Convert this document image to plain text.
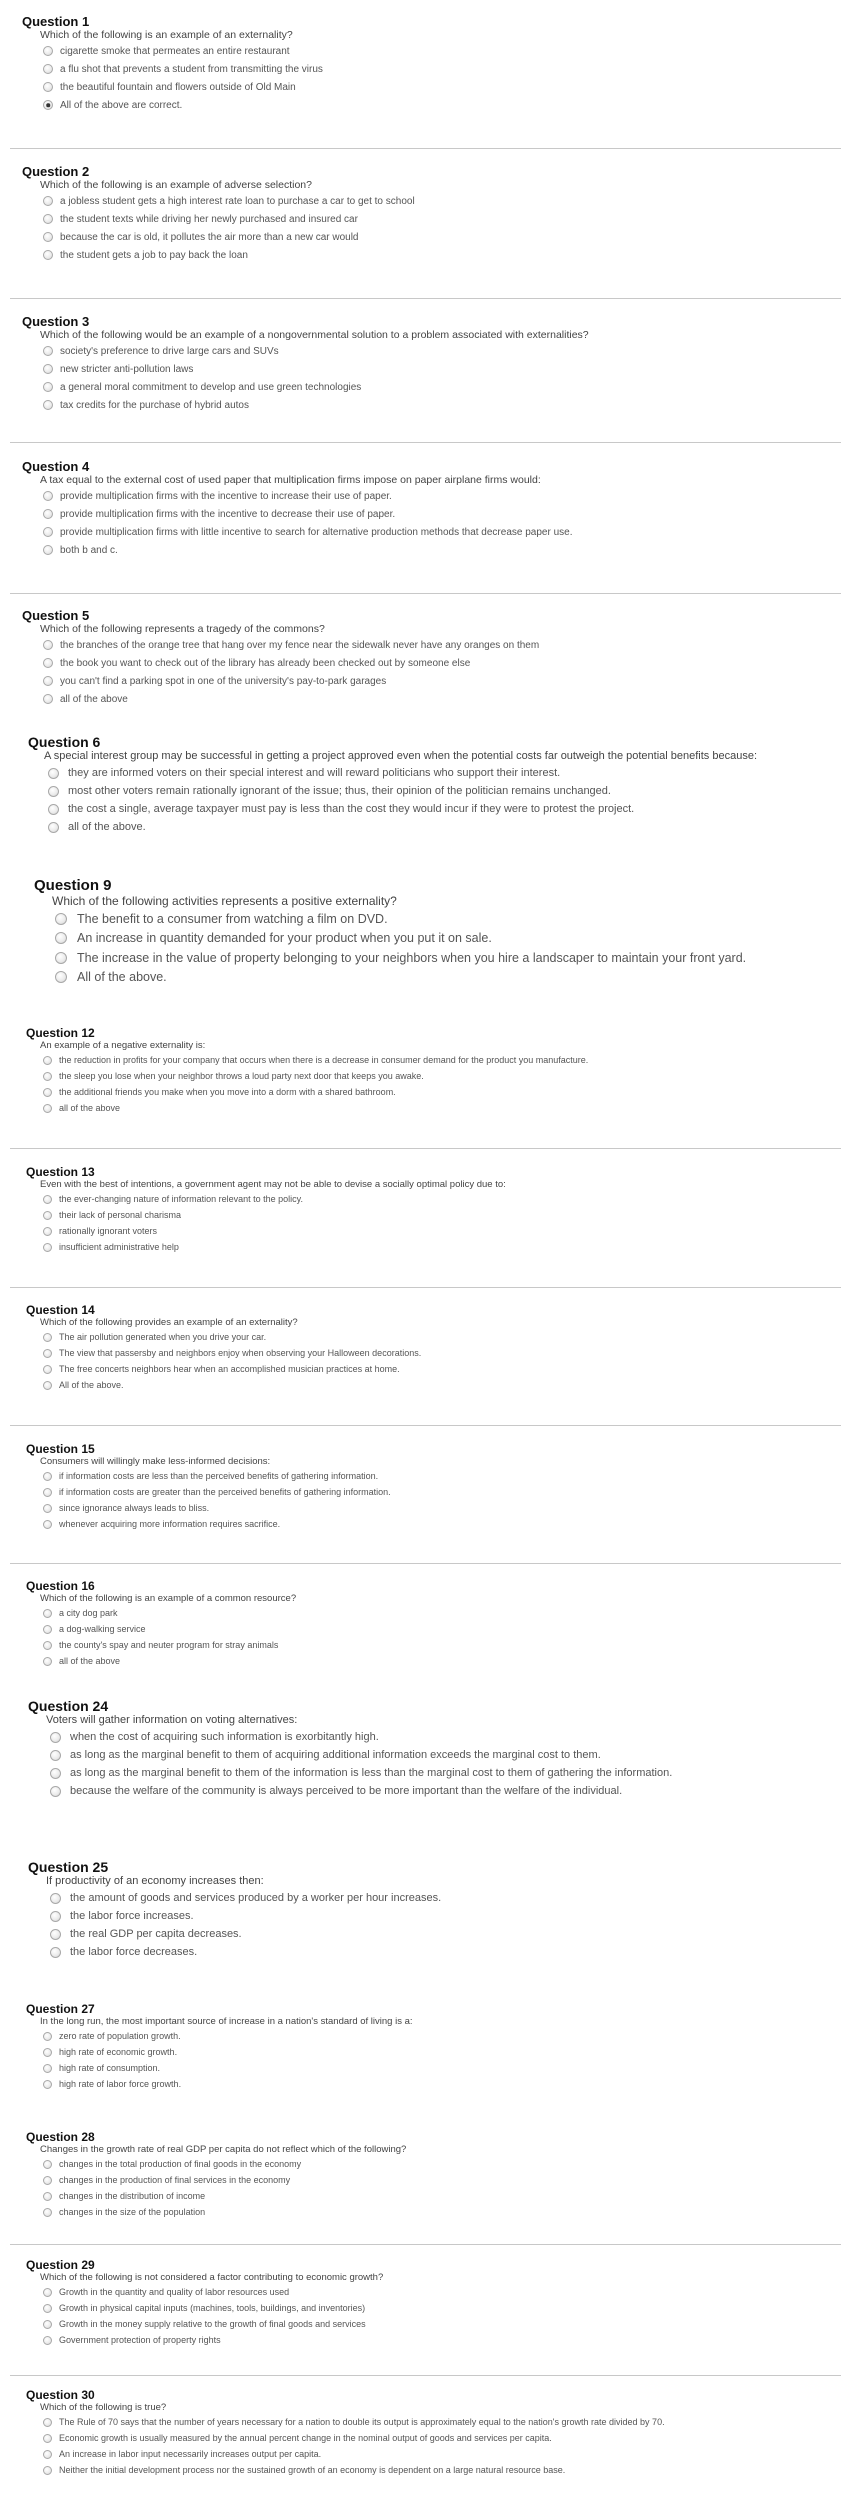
Question 1
Which of the following is an example of an externality?
cigarette smoke that permeates an entire restaurant
a flu shot that prevents a student from transmitting the virus
the beautiful fountain and flowers outside of Old Main
All of the above are correct.
Question 2
Which of the following is an example of adverse selection?
a jobless student gets a high interest rate loan to purchase a car to get to school
the student texts while driving her newly purchased and insured car
because the car is old, it pollutes the air more than a new car would
the student gets a job to pay back the loan
Question 3
Which of the following would be an example of a nongovernmental solution to a problem associated with externalities?
society's preference to drive large cars and SUVs
new stricter anti-pollution laws
a general moral commitment to develop and use green technologies
tax credits for the purchase of hybrid autos
Question 4
A tax equal to the external cost of used paper that multiplication firms impose on paper airplane firms would:
provide multiplication firms with the incentive to increase their use of paper.
provide multiplication firms with the incentive to decrease their use of paper.
provide multiplication firms with little incentive to search for alternative production methods that decrease paper use.
both b and c.
Question 5
Which of the following represents a tragedy of the commons?
the branches of the orange tree that hang over my fence near the sidewalk never have any oranges on them
the book you want to check out of the library has already been checked out by someone else
you can't find a parking spot in one of the university's pay-to-park garages
all of the above
Question 6
A special interest group may be successful in getting a project approved even when the potential costs far outweigh the potential benefits because:
they are informed voters on their special interest and will reward politicians who support their interest.
most other voters remain rationally ignorant of the issue; thus, their opinion of the politician remains unchanged.
the cost a single, average taxpayer must pay is less than the cost they would incur if they were to protest the project.
all of the above.
Question 9
Which of the following activities represents a positive externality?
The benefit to a consumer from watching a film on DVD.
An increase in quantity demanded for your product when you put it on sale.
The increase in the value of property belonging to your neighbors when you hire a landscaper to maintain your front yard.
All of the above.
Question 12
An example of a negative externality is:
the reduction in profits for your company that occurs when there is a decrease in consumer demand for the product you manufacture.
the sleep you lose when your neighbor throws a loud party next door that keeps you awake.
the additional friends you make when you move into a dorm with a shared bathroom.
all of the above
Question 13
Even with the best of intentions, a government agent may not be able to devise a socially optimal policy due to:
the ever-changing nature of information relevant to the policy.
their lack of personal charisma
rationally ignorant voters
insufficient administrative help
Question 14
Which of the following provides an example of an externality?
The air pollution generated when you drive your car.
The view that passersby and neighbors enjoy when observing your Halloween decorations.
The free concerts neighbors hear when an accomplished musician practices at home.
All of the above.
Question 15
Consumers will willingly make less-informed decisions:
if information costs are less than the perceived benefits of gathering information.
if information costs are greater than the perceived benefits of gathering information.
since ignorance always leads to bliss.
whenever acquiring more information requires sacrifice.
Question 16
Which of the following is an example of a common resource?
a city dog park
a dog-walking service
the county's spay and neuter program for stray animals
all of the above
Question 24
Voters will gather information on voting alternatives:
when the cost of acquiring such information is exorbitantly high.
as long as the marginal benefit to them of acquiring additional information exceeds the marginal cost to them.
as long as the marginal benefit to them of the information is less than the marginal cost to them of gathering the information.
because the welfare of the community is always perceived to be more important than the welfare of the individual.
Question 25
If productivity of an economy increases then:
the amount of goods and services produced by a worker per hour increases.
the labor force increases.
the real GDP per capita decreases.
the labor force decreases.
Question 27
In the long run, the most important source of increase in a nation's standard of living is a:
zero rate of population growth.
high rate of economic growth.
high rate of consumption.
high rate of labor force growth.
Question 28
Changes in the growth rate of real GDP per capita do not reflect which of the following?
changes in the total production of final goods in the economy
changes in the production of final services in the economy
changes in the distribution of income
changes in the size of the population
Question 29
Which of the following is not considered a factor contributing to economic growth?
Growth in the quantity and quality of labor resources used
Growth in physical capital inputs (machines, tools, buildings, and inventories)
Growth in the money supply relative to the growth of final goods and services
Government protection of property rights
Question 30
Which of the following is true?
The Rule of 70 says that the number of years necessary for a nation to double its output is approximately equal to the nation's growth rate divided by 70.
Economic growth is usually measured by the annual percent change in the nominal output of goods and services per capita.
An increase in labor input necessarily increases output per capita.
Neither the initial development process nor the sustained growth of an economy is dependent on a large natural resource base.
